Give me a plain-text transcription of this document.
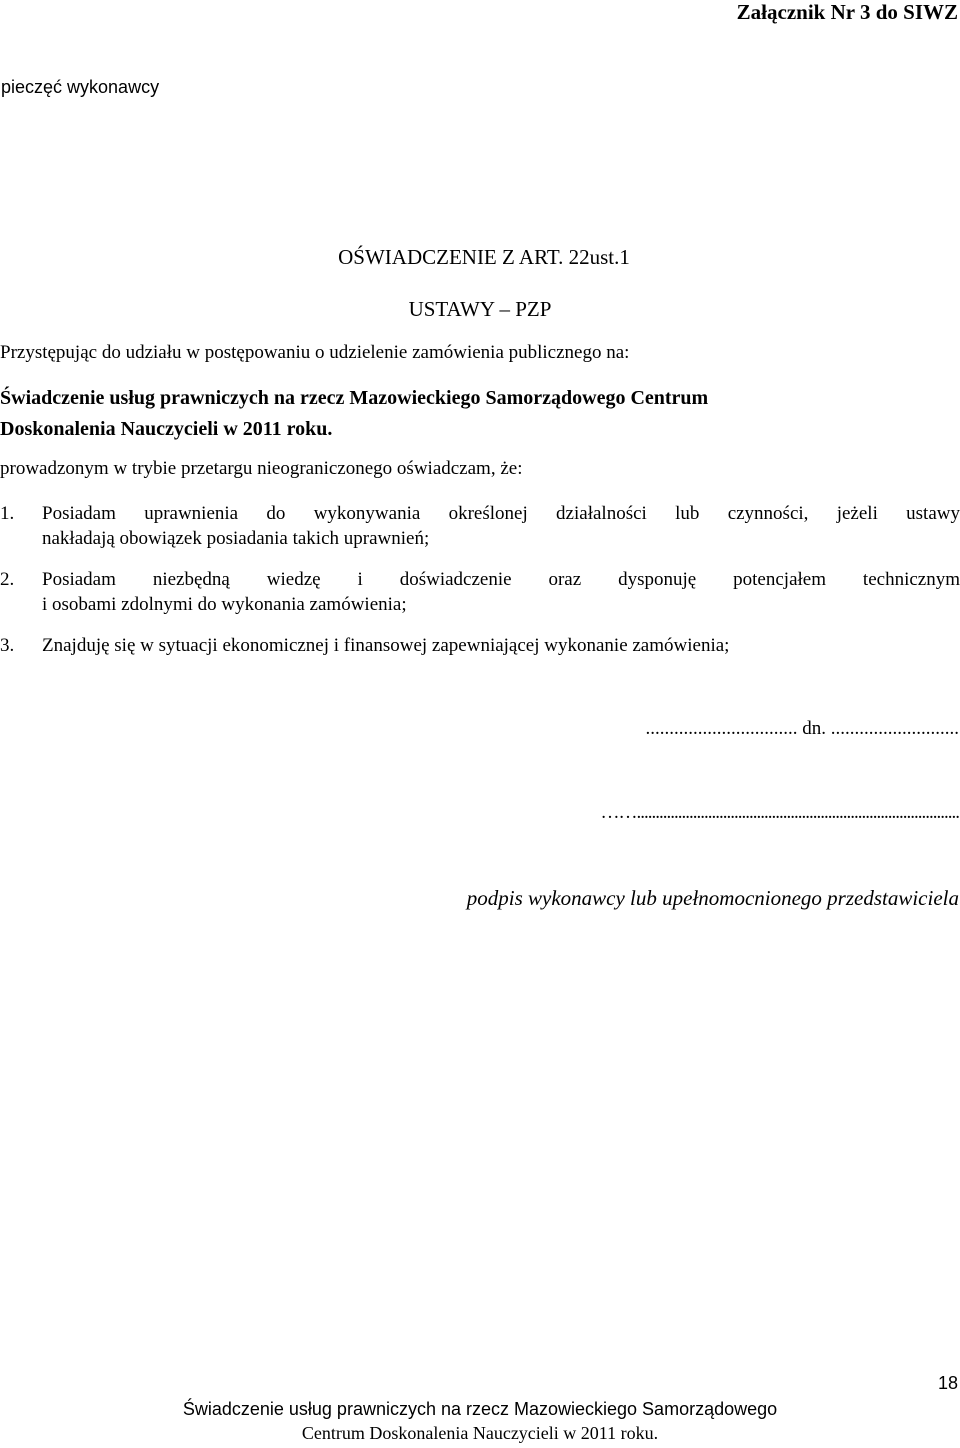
Załącznik Nr 3 do SIWZ
pieczęć wykonawcy
OŚWIADCZENIE Z ART. 22ust.1
USTAWY – PZP
Przystępując do udziału w postępowaniu o udzielenie zamówienia publicznego na:
Świadczenie usług prawniczych na rzecz Mazowieckiego Samorządowego Centrum
Doskonalenia Nauczycieli w 2011 roku.
prowadzonym w trybie przetargu nieograniczonego oświadczam, że:
1.	Posiadam uprawnienia do wykonywania określonej działalności lub czynności, jeżeli ustawy
nakładają obowiązek posiadania takich uprawnień;
2.	Posiadam niezbędną wiedzę i doświadczenie oraz dysponuję potencjałem technicznym
i osobami zdolnymi do wykonania zamówienia;
3.	Znajduję się w sytuacji ekonomicznej i finansowej zapewniającej wykonanie zamówienia;
................................ dn. ...........................
……......................................................................................
podpis wykonawcy lub upełnomocnionego przedstawiciela
18
Świadczenie usług prawniczych na rzecz Mazowieckiego Samorządowego
Centrum Doskonalenia Nauczycieli w 2011 roku.
